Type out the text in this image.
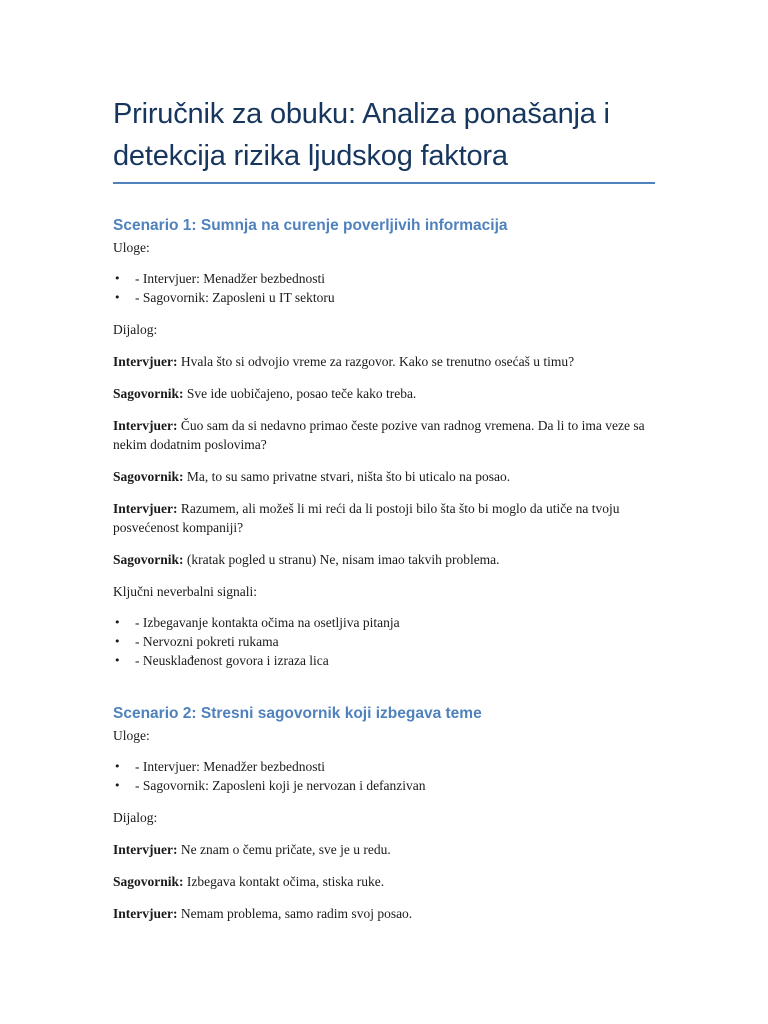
Priručnik za obuku: Analiza ponašanja i detekcija rizika ljudskog faktora
Scenario 1: Sumnja na curenje poverljivih informacija

Uloge:

• - Intervjuer: Menadžer bezbednosti
• - Sagovornik: Zaposleni u IT sektoru

Dijalog:

Intervjuer: Hvala što si odvojio vreme za razgovor. Kako se trenutno osećaš u timu?

Sagovornik: Sve ide uobičajeno, posao teče kako treba.

Intervjuer: Čuo sam da si nedavno primao česte pozive van radnog vremena. Da li to ima veze sa nekim dodatnim poslovima?

Sagovornik: Ma, to su samo privatne stvari, ništa što bi uticalo na posao.

Intervjuer: Razumem, ali možeš li mi reći da li postoji bilo šta što bi moglo da utiče na tvoju posvećenost kompaniji?

Sagovornik: (kratak pogled u stranu) Ne, nisam imao takvih problema.

Ključni neverbalni signali:

• - Izbegavanje kontakta očima na osetljiva pitanja
• - Nervozni pokreti rukama
• - Neusklađenost govora i izraza lica
Scenario 2: Stresni sagovornik koji izbegava teme

Uloge:

• - Intervjuer: Menadžer bezbednosti
• - Sagovornik: Zaposleni koji je nervozan i defanzivan

Dijalog:

Intervjuer: Ne znam o čemu pričate, sve je u redu.

Sagovornik: Izbegava kontakt očima, stiska ruke.

Intervjuer: Nemam problema, samo radim svoj posao.
